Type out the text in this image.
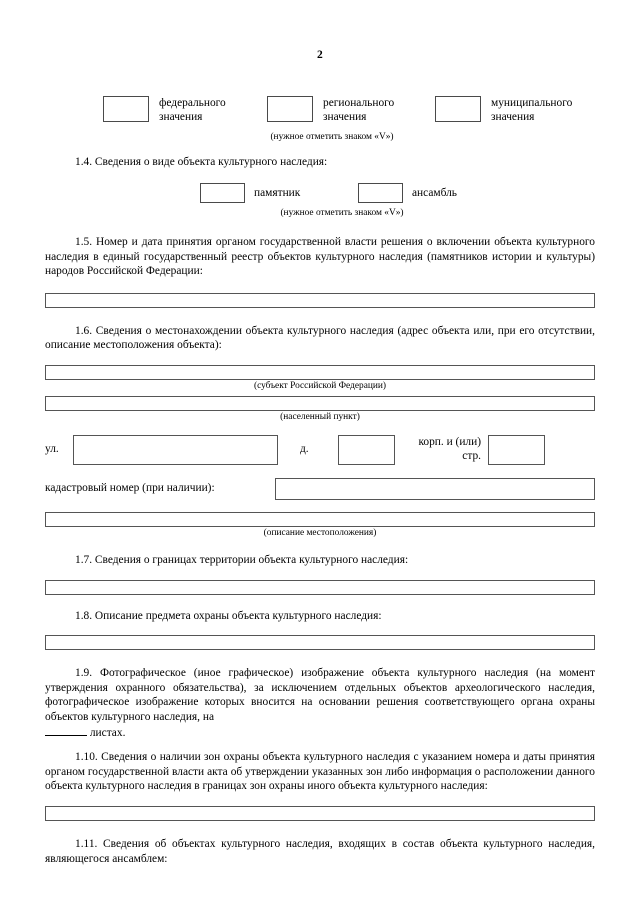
2
федерального
значения
регионального
значения
муниципального
значения

(нужное отметить знаком «V»)

1.4. Сведения о виде объекта культурного наследия:

памятник	ансамбль

(нужное отметить знаком «V»)

1.5. Номер и дата принятия органом государственной власти решения о включении объекта культурного наследия в единый государственный реестр объектов культурного наследия (памятников истории и культуры) народов Российской Федерации:

1.6. Сведения о местонахождении объекта культурного наследия (адрес объекта или, при его отсутствии, описание местоположения объекта):

(субъект Российской Федерации)

(населенный пункт)

ул.	д.
корп. и (или)
стр.
кадастровый номер (при наличии):

(описание местоположения)

1.7. Сведения о границах территории объекта культурного наследия:

1.8. Описание предмета охраны объекта культурного наследия:

1.9. Фотографическое (иное графическое) изображение объекта культурного наследия (на момент утверждения охранного обязательства), за исключением отдельных объектов археологического наследия, фотографическое изображение которых вносится на основании решения соответствующего органа охраны объектов культурного наследия, на

листах.

1.10. Сведения о наличии зон охраны объекта культурного наследия с указанием номера и даты принятия органом государственной власти акта об утверждении указанных зон либо информация о расположении данного объекта культурного наследия в границах зон охраны иного объекта культурного наследия:

1.11. Сведения об объектах культурного наследия, входящих в состав объекта культурного наследия, являющегося ансамблем:
